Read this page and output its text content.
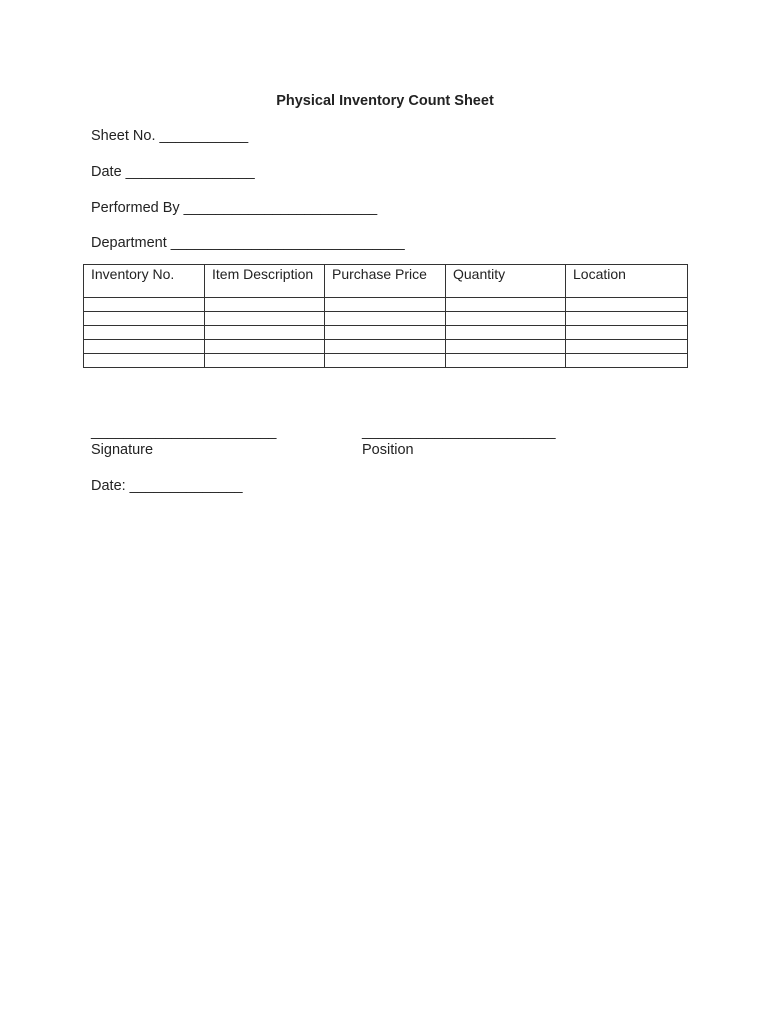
Physical Inventory Count Sheet
Sheet No. ___________
Date ________________
Performed By ________________________
Department _____________________________
Inventory No.	Item Description	Purchase Price	Quantity	Location

_______________________
Signature
________________________
Position
Date: ______________
